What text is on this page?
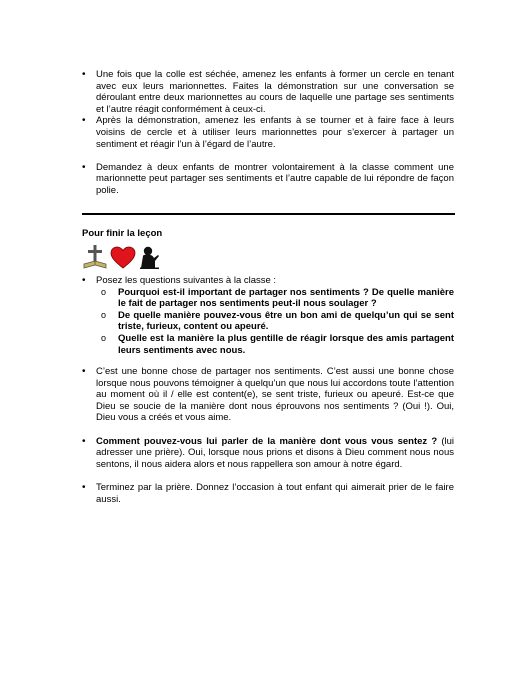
• Une fois que la colle est séchée, amenez les enfants à former un cercle en tenant avec eux leurs marionnettes. Faites la démonstration sur une conversation se déroulant entre deux marionnettes au cours de laquelle une partage ses sentiments et l’autre réagit conformément à ceux-ci.
• Après la démonstration, amenez les enfants à se tourner et à faire face à leurs voisins de cercle et à utiliser leurs marionnettes pour s’exercer à partager un sentiment et réagir l’un à l’égard de l’autre.
• Demandez à deux enfants de montrer volontairement à la classe comment une marionnette peut partager ses sentiments et l’autre capable de lui répondre de façon polie.
Pour finir la leçon
• Posez les questions suivantes à la classe :
o Pourquoi est-il important de partager nos sentiments ? De quelle manière le fait de partager nos sentiments peut-il nous soulager ?
o De quelle manière pouvez-vous être un bon ami de quelqu’un qui se sent triste, furieux, content ou apeuré.
o Quelle est la manière la plus gentille de réagir lorsque des amis partagent leurs sentiments avec nous.
• C’est une bonne chose de partager nos sentiments. C’est aussi une bonne chose lorsque nous pouvons témoigner à quelqu’un que nous lui accordons toute l’attention au moment où il / elle est content(e), se sent triste, furieux ou apeuré. Est-ce que Dieu se soucie de la manière dont nous éprouvons nos sentiments ? (Oui !). Oui, Dieu vous a créés et vous aime.
• Comment pouvez-vous lui parler de la manière dont vous vous sentez ? (lui adresser une prière). Oui, lorsque nous prions et disons à Dieu comment nous nous sentons, il nous aidera alors et nous rappellera son amour à notre égard.
• Terminez par la prière. Donnez l’occasion à tout enfant qui aimerait prier de le faire aussi.
